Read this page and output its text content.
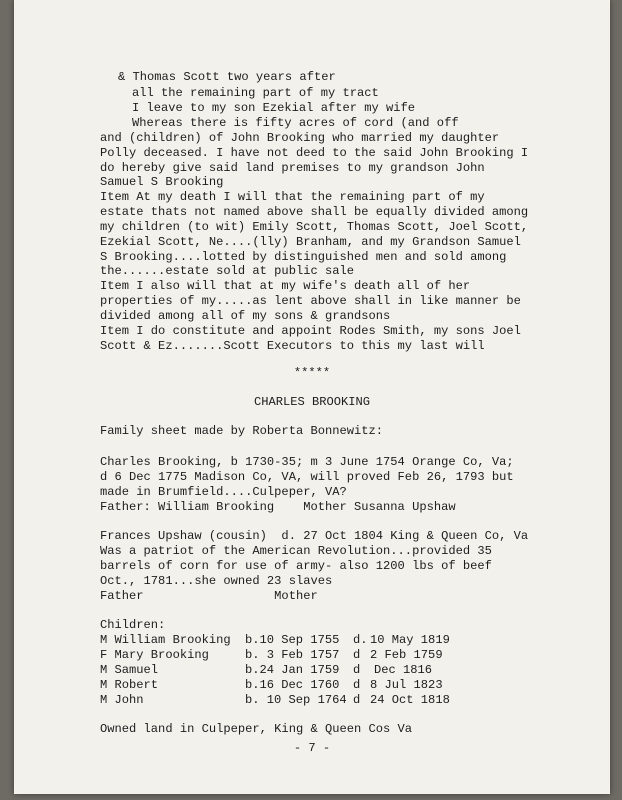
& Thomas Scott two years after
all the remaining part of my tract
I leave to my son Ezekial after my wife
Whereas there is fifty acres of cord (and off
and (children) of John Brooking who married my daughter
Polly deceased. I have not deed to the said John Brooking I
do hereby give said land premises to my grandson John
Samuel S Brooking
Item At my death I will that the remaining part of my
estate thats not named above shall be equally divided among
my children (to wit) Emily Scott, Thomas Scott, Joel Scott,
Ezekial Scott, Ne....(lly) Branham, and my Grandson Samuel
S Brooking....lotted by distinguished men and sold among
the......estate sold at public sale
Item I also will that at my wife's death all of her
properties of my.....as lent above shall in like manner be
divided among all of my sons & grandsons
Item I do constitute and appoint Rodes Smith, my sons Joel
Scott & Ez.......Scott Executors to this my last will
*****
CHARLES BROOKING
Family sheet made by Roberta Bonnewitz:
Charles Brooking, b 1730-35; m 3 June 1754 Orange Co, Va;
d 6 Dec 1775 Madison Co, VA, will proved Feb 26, 1793 but
made in Brumfield....Culpeper, VA?
Father: William Brooking    Mother Susanna Upshaw
Frances Upshaw (cousin)  d. 27 Oct 1804 King & Queen Co, Va
Was a patriot of the American Revolution...provided 35
barrels of corn for use of army- also 1200 lbs of beef
Oct., 1781...she owned 23 slaves
Father                  Mother
Children:
M William Brooking b.10 Sep 1755 d. 10 May 1819
F Mary Brooking	b. 3 Feb 1757 d 2 Feb 1759
M Samuel	b.24 Jan 1759 d	Dec 1816
M Robert	b.16 Dec 1760 d 8 Jul 1823
M John	b. 10 Sep 1764 d 24 Oct 1818
Owned land in Culpeper, King & Queen Cos Va
- 7 -
